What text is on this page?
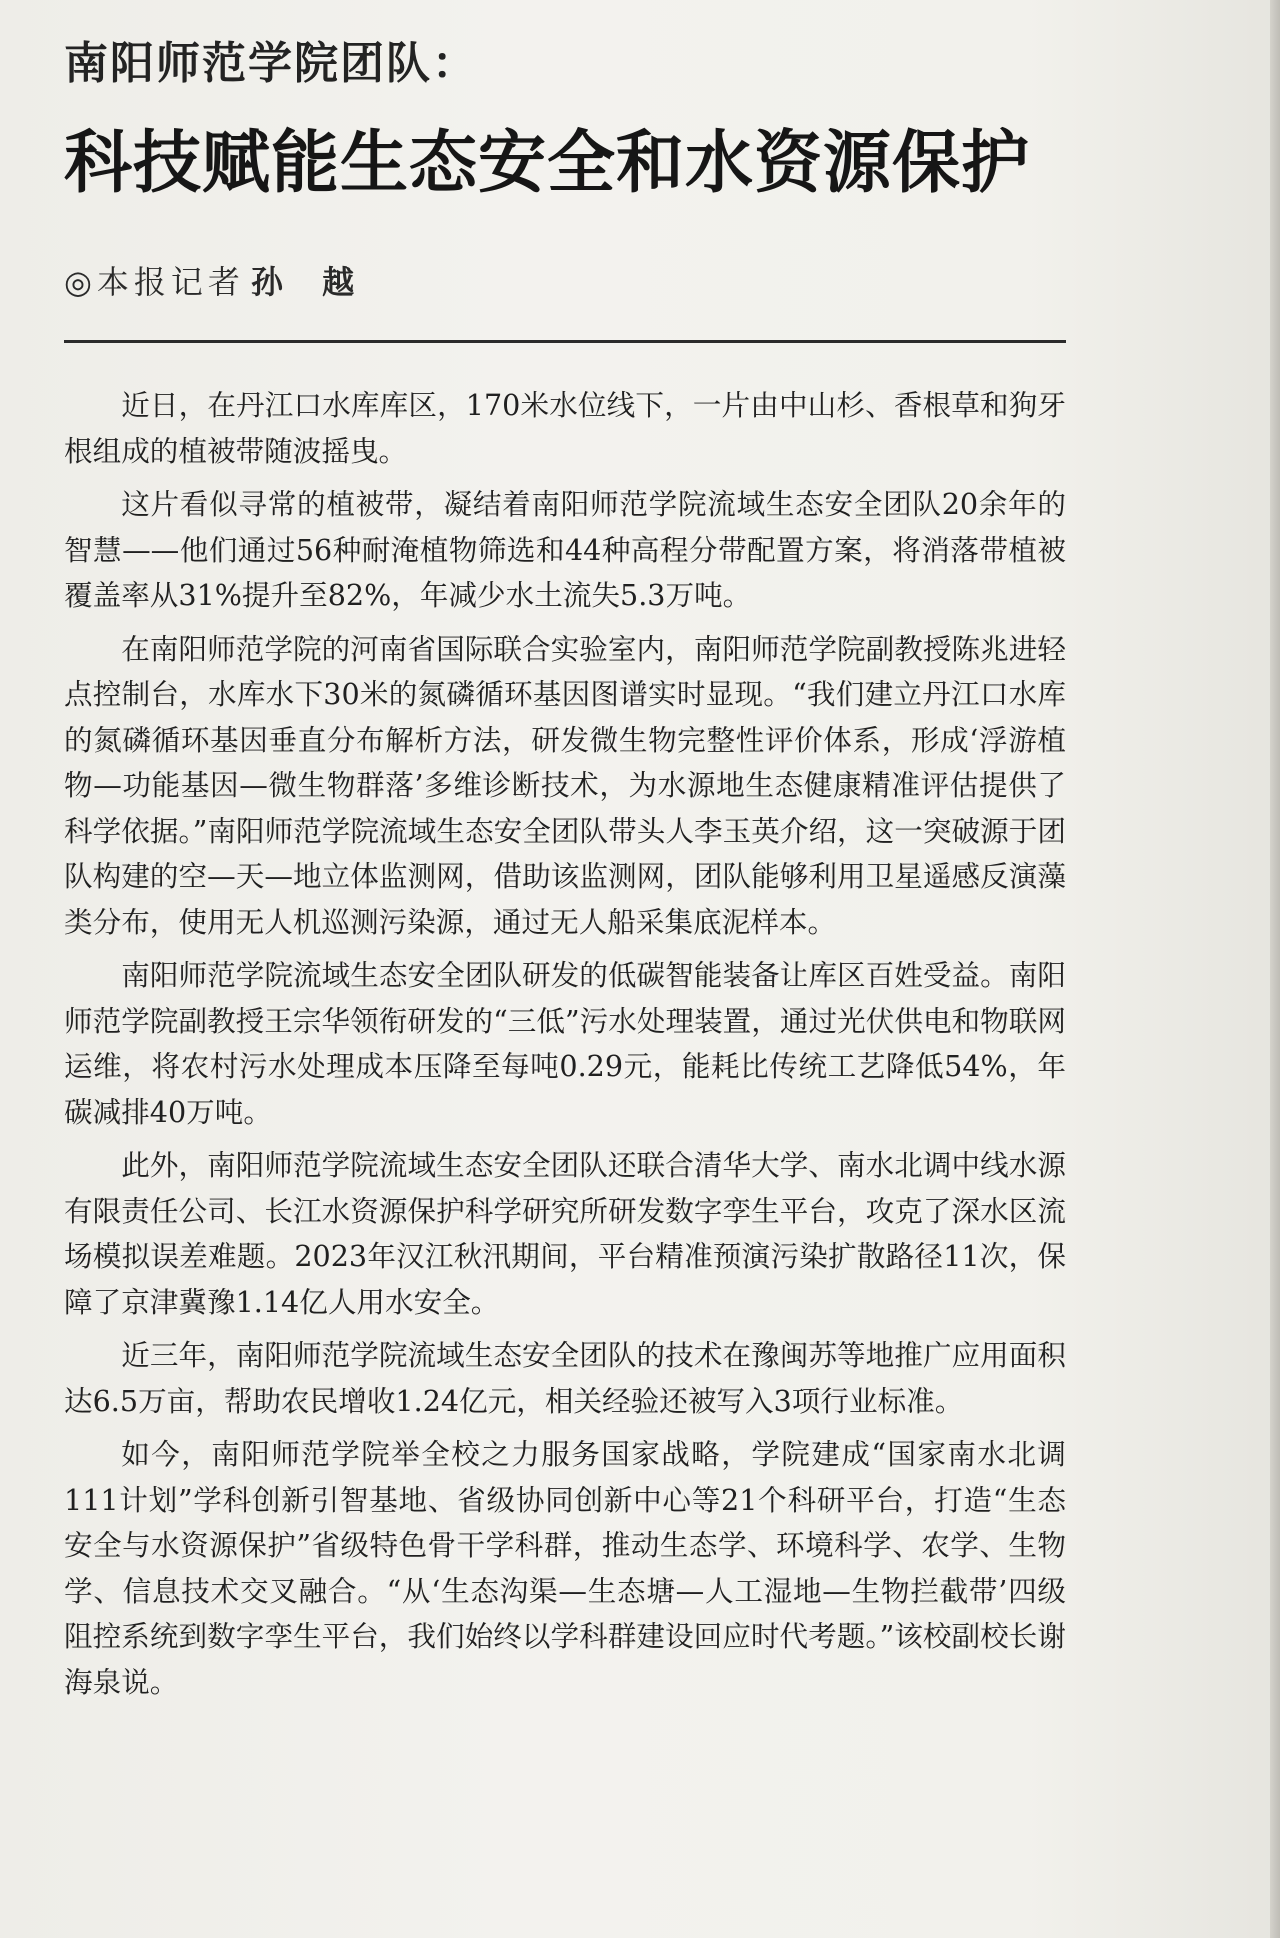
南阳师范学院团队：
科技赋能生态安全和水资源保护
◎本报记者 孙 越

近日，在丹江口水库库区，170米水位线下，一片由中山杉、香根草和狗牙根组成的植被带随波摇曳。

这片看似寻常的植被带，凝结着南阳师范学院流域生态安全团队20余年的智慧——他们通过56种耐淹植物筛选和44种高程分带配置方案，将消落带植被覆盖率从31%提升至82%，年减少水土流失5.3万吨。

在南阳师范学院的河南省国际联合实验室内，南阳师范学院副教授陈兆进轻点控制台，水库水下30米的氮磷循环基因图谱实时显现。“我们建立丹江口水库的氮磷循环基因垂直分布解析方法，研发微生物完整性评价体系，形成‘浮游植物—功能基因—微生物群落’多维诊断技术，为水源地生态健康精准评估提供了科学依据。”南阳师范学院流域生态安全团队带头人李玉英介绍，这一突破源于团队构建的空—天—地立体监测网，借助该监测网，团队能够利用卫星遥感反演藻类分布，使用无人机巡测污染源，通过无人船采集底泥样本。

南阳师范学院流域生态安全团队研发的低碳智能装备让库区百姓受益。南阳师范学院副教授王宗华领衔研发的“三低”污水处理装置，通过光伏供电和物联网运维，将农村污水处理成本压降至每吨0.29元，能耗比传统工艺降低54%，年碳减排40万吨。

此外，南阳师范学院流域生态安全团队还联合清华大学、南水北调中线水源有限责任公司、长江水资源保护科学研究所研发数字孪生平台，攻克了深水区流场模拟误差难题。2023年汉江秋汛期间，平台精准预演污染扩散路径11次，保障了京津冀豫1.14亿人用水安全。

近三年，南阳师范学院流域生态安全团队的技术在豫闽苏等地推广应用面积达6.5万亩，帮助农民增收1.24亿元，相关经验还被写入3项行业标准。

如今，南阳师范学院举全校之力服务国家战略，学院建成“国家南水北调111计划”学科创新引智基地、省级协同创新中心等21个科研平台，打造“生态安全与水资源保护”省级特色骨干学科群，推动生态学、环境科学、农学、生物学、信息技术交叉融合。“从‘生态沟渠—生态塘—人工湿地—生物拦截带’四级阻控系统到数字孪生平台，我们始终以学科群建设回应时代考题。”该校副校长谢海泉说。
